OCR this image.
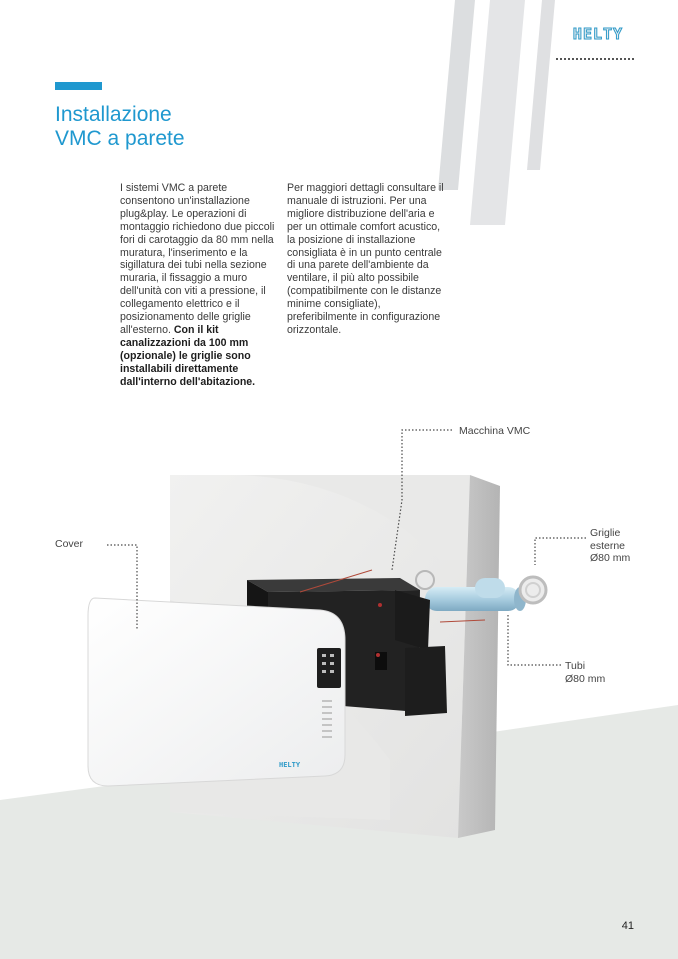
HELTY
Installazione
VMC a parete
I sistemi VMC a parete consentono un'installazione plug&play. Le operazioni di montaggio richiedono due piccoli fori di carotaggio da 80 mm nella muratura, l'inserimento e la sigillatura dei tubi nella sezione muraria, il fissaggio a muro dell'unità con viti a pressione, il collegamento elettrico e il posizionamento delle griglie all'esterno. Con il kit canalizzazioni da 100 mm (opzionale) le griglie sono installabili direttamente dall'interno dell'abitazione.
Per maggiori dettagli consultare il manuale di istruzioni. Per una migliore distribuzione dell'aria e per un ottimale comfort acustico, la posizione di installazione consigliata è in un punto centrale di una parete dell'ambiente da ventilare, il più alto possibile (compatibilmente con le distanze minime consigliate), preferibilmente in configurazione orizzontale.
HELTY
Macchina VMC
Cover
Griglie
esterne
Ø80 mm
Tubi
Ø80 mm
41
